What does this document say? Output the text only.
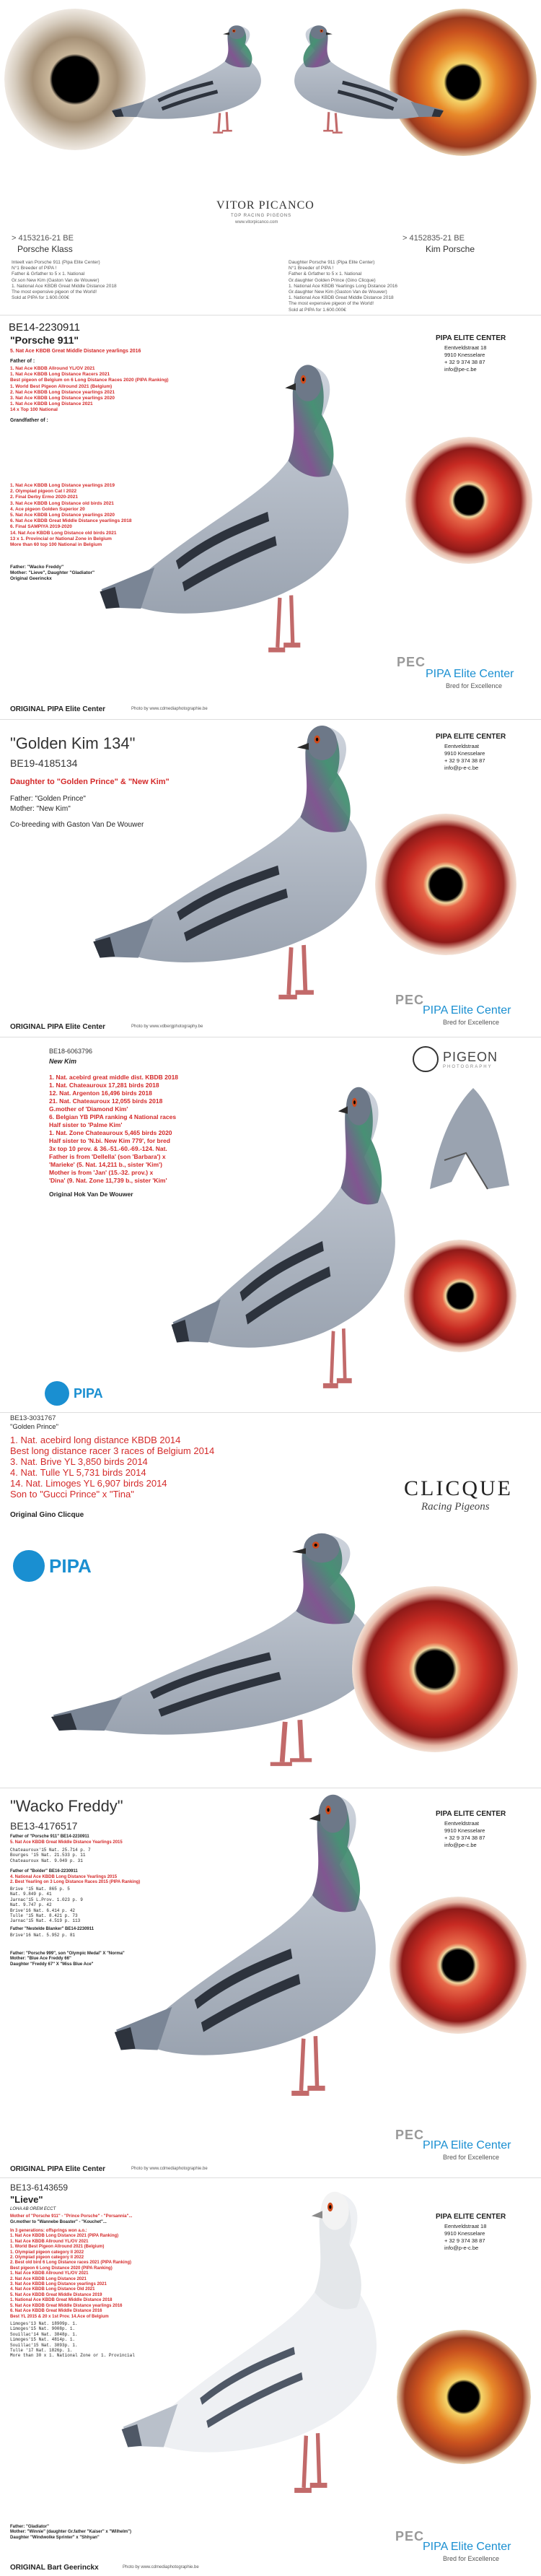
VITOR PICANCO
TOP RACING PIGEONS
www.vitorpicanco.com
> 4153216-21 BE
Porsche Klass
> 4152835-21 BE
Kim Porsche
Inteelt van Porsche 911 (Pipa Elite Center)
N°1 Breeder of PIPA !
Father & Grfather to 5 x 1. National
Gr.son New Kim (Gaston Van de Wouwer)
1. National Ace KBDB Great Middle Distance 2018
The most expensive pigeon of the World!
Sold at PIPA for 1.600.000€
Daughter Porsche 911 (Pipa Elite Center)
N°1 Breeder of PIPA !
Father & Grfather to 5 x 1. National
Gr.daughter Golden Prince (Gino Clicque)
1. National Ace KBDB Yearlings Long Distance 2016
Gr.daughter New Kim (Gaston Van de Wouwer)
1. National Ace KBDB Great Middle Distance 2018
The most expensive pigeon of the World!
Sold at PIPA for 1.600.000€
BE14-2230911
"Porsche 911"
5. Nat Ace KBDB Great Middle Distance yearlings 2016
Father of :
1. Nat Ace KBDB Allround YL/OV 2021
1. Nat Ace KBDB Long Distance Racers 2021
Best pigeon of Belgium on 6 Long Distance Races 2020 (PIPA Ranking)
1. World Best Pigeon Allround 2021 (Belgium)
2. Nat Ace KBDB Long Distance yearlings 2021
3. Nat Ace KBDB Long Distance yearlings 2020
1. Nat Ace KBDB Long Distance 2021
14 x Top 100 National
Grandfather of :
1. Nat Ace KBDB Long Distance yearlings 2019
2. Olympiad pigeon Cat I 2022
2. Final Derby Ermo 2020-2021
3. Nat Ace KBDB Long Distance old birds 2021
4. Ace pigeon Golden Superior 20
5. Nat Ace KBDB Long Distance yearlings 2020
6. Nat Ace KBDB Great Middle Distance yearlings 2018
6. Final SAMPIYA 2019-2020
14. Nat Ace KBDB Long Distance old birds 2021
13 x 1. Provincial or National Zone in Belgium
More than 60 top 100 National in Belgium
Father: "Wacko Freddy"
Mother: "Lieve", Daughter "Gladiator"
Original Geerinckx
PIPA ELITE CENTER
Eentveldstraat 18
9910 Knesselare
+ 32 9 374 38 87
info@pe-c.be
PEC
PIPA Elite Center
Bred for Excellence
ORIGINAL PIPA Elite Center	Photo by www.cdmediaphotographie.be
"Golden Kim 134"
BE19-4185134
Daughter to "Golden Prince" & "New Kim"
Father: "Golden Prince"
Mother: "New Kim"
Co-breeding with Gaston Van De Wouwer
PIPA ELITE CENTER
Eentveldstraat
9910 Knesselare
+ 32 9 374 38 87
info@p-e-c.be
PEC
PIPA Elite Center
Bred for Excellence
ORIGINAL PIPA Elite Center	Photo by www.vdbergphotography.be
BE18-6063796
New Kim
1. Nat. acebird great middle dist. KBDB 2018
1. Nat. Chateauroux 17,281 birds 2018
12. Nat. Argenton 16,496 birds 2018
21. Nat. Chateauroux 12,055 birds 2018
G.mother of 'Diamond Kim'
6. Belgian YB PIPA ranking 4 National races
Half sister to 'Palme Kim'
1. Nat. Zone Chateauroux 5,465 birds 2020
Half sister to 'N.bi. New Kim 779', for bred
3x top 10 prov. & 36.-51.-60.-69.-124. Nat.
Father is from 'Dellella' (son 'Barbara') x
'Marieke' (5. Nat. 14,211 b., sister 'Kim')
Mother is from 'Jan' (15.-32. prov.) x
'Dina' (9. Nat. Zone 11,739 b., sister 'Kim'
Original Hok Van De Wouwer
PIGEON
PHOTOGRAPHY
PIPA
BE13-3031767
"Golden Prince"
1. Nat. acebird long distance KBDB 2014
Best long distance racer 3 races of Belgium 2014
3. Nat. Brive YL 3,850 birds 2014
4. Nat. Tulle YL 5,731 birds 2014
14. Nat. Limoges YL 6,907 birds 2014
Son to "Gucci Prince" x "Tina"
Original Gino Clicque
CLICQUE
Racing Pigeons
PIPA
"Wacko Freddy"
BE13-4176517
Father of "Porsche 911" BE14-2230911
5. Nat Ace KBDB Great Middle Distance Yearlings 2015
Chateauroux'15 Nat. 25.714 p. 7
Bourges '15 Nat. 21.533 p. 11
Chateauroux Nat. 9.049 p. 31
Father of "Bolder" BE16-2230911
4. National Ace KBDB Long Distance Yearlings 2015
2. Best Yearling on 3 Long Distance Races 2015 (PIPA Ranking)
Brive '15 Nat. 865 p. 5
Nat. 9.849 p. 41
Jarnac'15 L.Prov. 1.023 p. 9
Nat. 9.747 p. 42
Brive'16 Nat. 6.414 p. 42
Tulle '15 Nat. 8.421 p. 73
Jarnac'15 Nat. 4.519 p. 113
Father "Nestelde Blanker" BE14-2230911
Brive'16 Nat. 5.952 p. 81
Father: "Porsche 999", son "Olympic Medal" X "Norma"
Mother: "Blue Ace Freddy 66"
Daughter "Freddy 67" X "Miss Blue Ace"
PIPA ELITE CENTER
Eentveldstraat
9910 Knesselare
+ 32 9 374 38 87
info@pe-c.be
PEC
PIPA Elite Center
Bred for Excellence
ORIGINAL PIPA Elite Center	Photo by www.cdmediaphotographie.be
BE13-6143659
"Lieve"
LOHA AB OREM ECCT
Mother of "Porsche 911" - "Prince Porsche" - "Porsannia"...
Gr.mother to "Wannebe Boaster" - "Kouchet"...
In 3 generations: offsprings won a.o.:
1. Nat Ace KBDB Long Distance 2021 (PIPA Ranking)
1. Nat Ace KBDB Allround YL/OV 2021
1. World Best Pigeon Allround 2021 (Belgium)
1. Olympiad pigeon category II 2022
2. Olympiad pigeon category II 2022
2. Best old bird 6 Long Distance races 2021 (PIPA Ranking)
Best pigeon 6 Long Distance 2020 (PIPA Ranking)
1. Nat Ace KBDB Allround YL/OV 2021
2. Nat Ace KBDB Long Distance 2021
3. Nat Ace KBDB Long Distance yearlings 2021
4. Nat Ace KBDB Long Distance Old 2021
5. Nat Ace KBDB Great Middle Distance 2019
1. National Ace KBDB Great Middle Distance 2018
5. Nat Ace KBDB Great Middle Distance yearlings 2016
6. Nat Ace KBDB Great Middle Distance 2016
Best YL 2015 & 20 x 1st Prov. 14.Ace of Belgium
Limoges'13 Nat. 18909p. 1.
Limoges'15 Nat. 9008p. 1.
Souillac'14 Nat. 3848p. 1.
Limoges'15 Nat. 4814p. 1.
Souillac'15 Nat. 3893p. 1.
Tulle '17 Nat. 1826p. 1.
More than 30 x 1. National Zone or 1. Provincial
Father: "Gladiator"
Mother: "Winnie" (daughter Gr.father "Kaiser" x "Wilhelm")
Daughter "Windwolke Sprinter" x "Shhyan"
PIPA ELITE CENTER
Eentveldstraat 18
9910 Knesselare
+ 32 9 374 38 87
info@p-e-c.be
PEC
PIPA Elite Center
Bred for Excellence
ORIGINAL Bart Geerinckx	Photo by www.cdmediaphotographie.be
